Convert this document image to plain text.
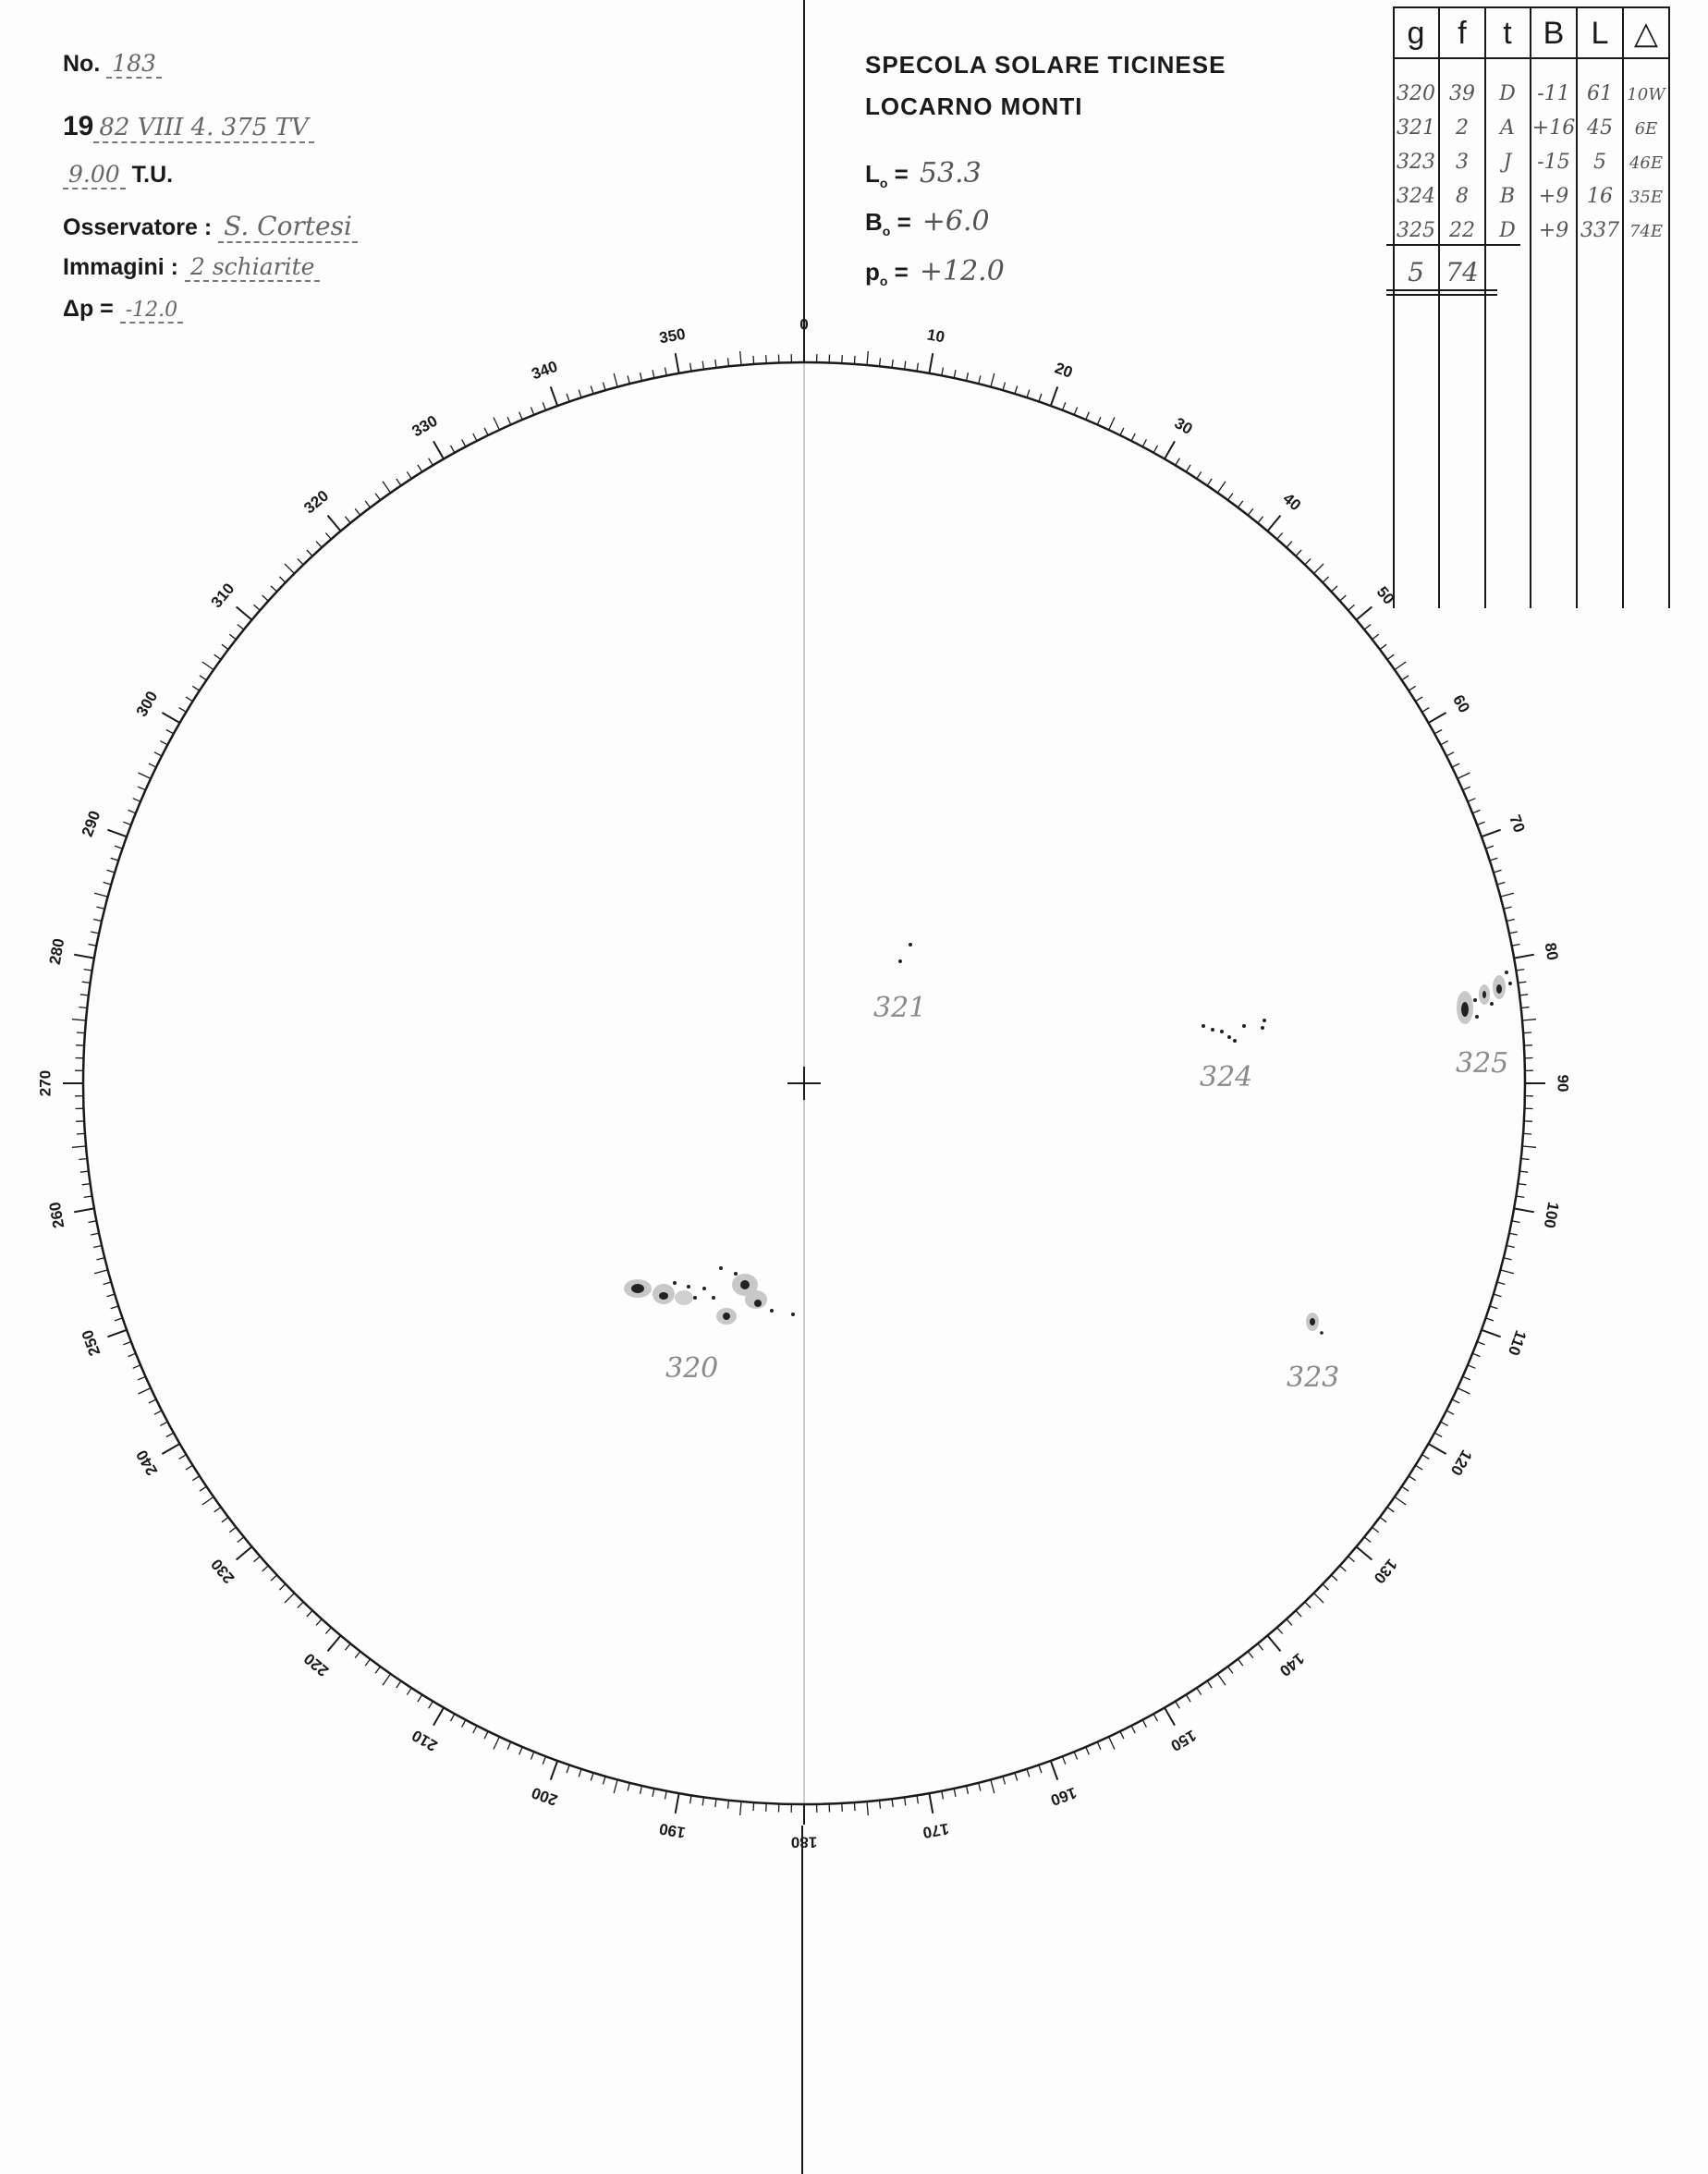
No. 183
19 82 VIII 4. 375 TV
9.00 T.U.
Osservatore : S. Cortesi
Immagini : 2 schiarite
Δp = -12.0
SPECOLA SOLARE TICINESE
LOCARNO MONTI
$L_o = 53.3$
$B_o = +6.0$
$p_o = +12.0$
0
10
20
30
40
50
60
70
80
90
100
110
120
130
140
150
160
170
180
190
200
210
220
230
240
250
260
270
280
290
300
310
320
330
340
350
g f t B L △
320 39 D -11 61 10W
321 2 A +16 45 6E
323 3 J -15 5 46E
324 8 B +9 16 35E
325 22 D +9 337 74E
5 74
320
321
323
324	325
